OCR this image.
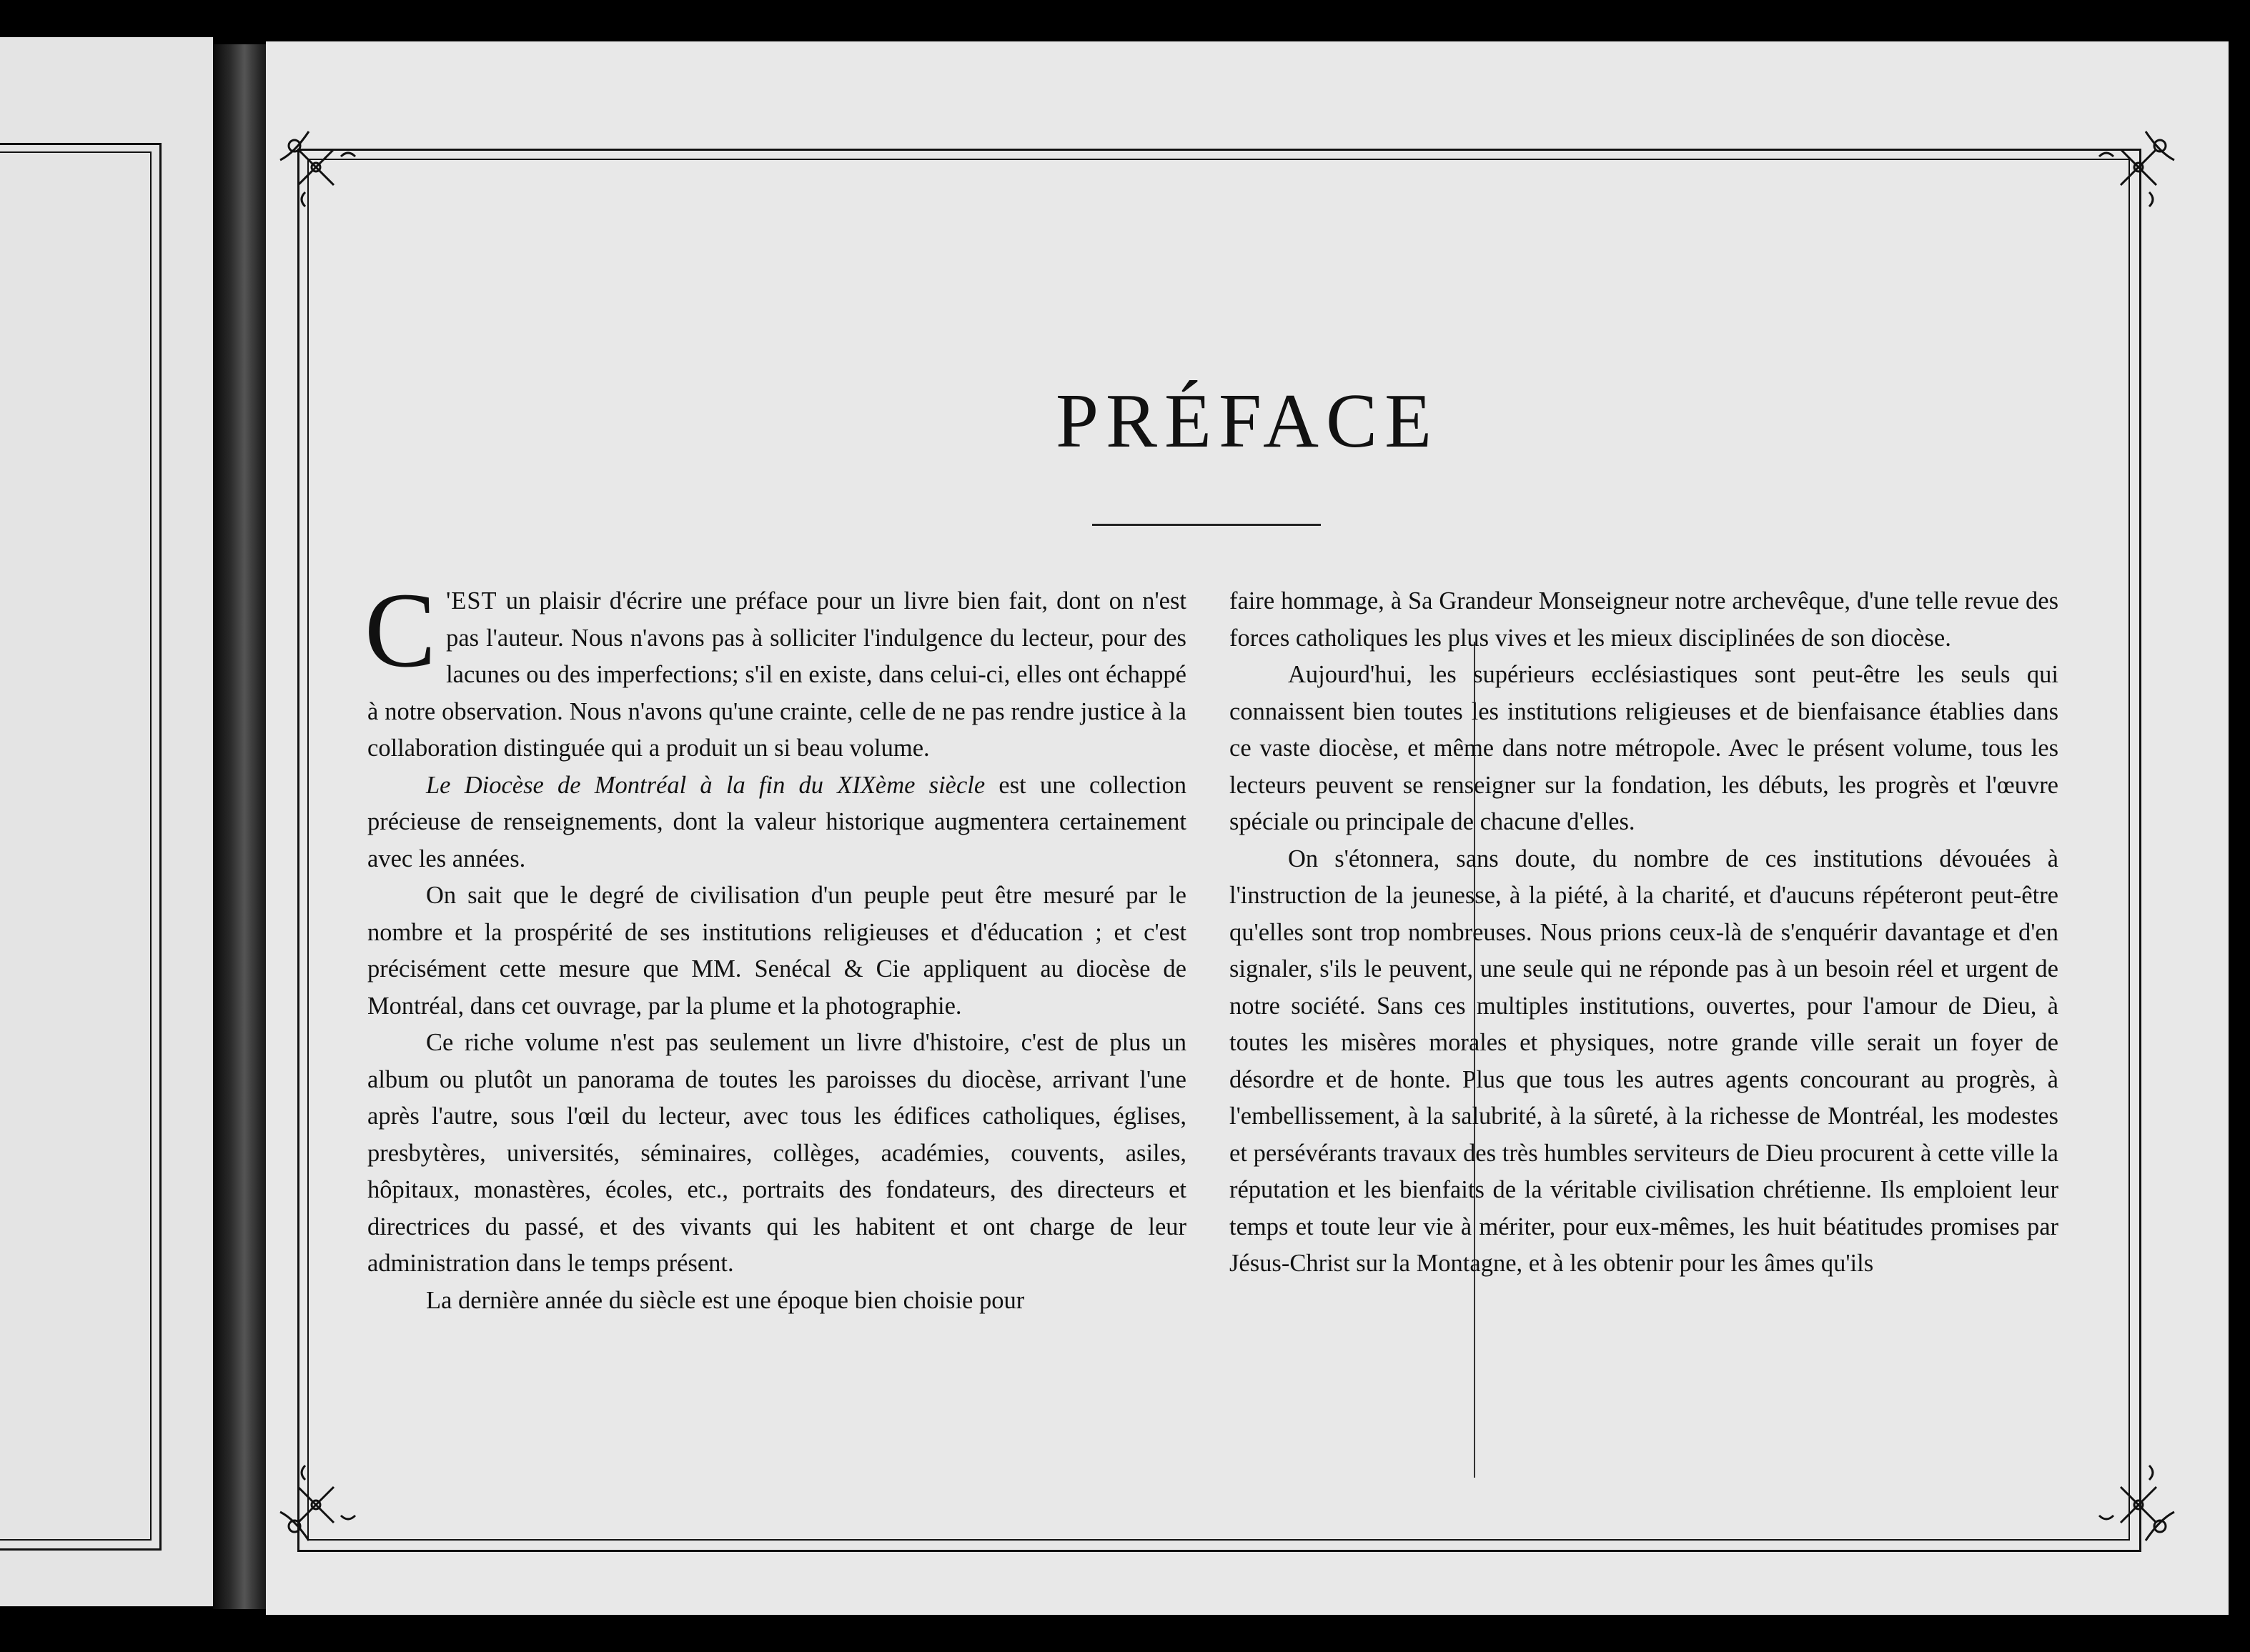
PRÉFACE

C 'EST un plaisir d'écrire une préface pour un livre bien fait, dont on n'est pas l'auteur. Nous n'avons pas à solliciter l'indulgence du lecteur, pour des lacunes ou des imperfections; s'il en existe, dans celui-ci, elles ont échappé à notre observation. Nous n'avons qu'une crainte, celle de ne pas rendre justice à la collaboration distinguée qui a produit un si beau volume.

Le Diocèse de Montréal à la fin du XIXème siècle est une collection précieuse de renseignements, dont la valeur historique augmentera certainement avec les années.

On sait que le degré de civilisation d'un peuple peut être mesuré par le nombre et la prospérité de ses institutions religieuses et d'éducation ; et c'est précisément cette mesure que MM. Senécal & Cie appliquent au diocèse de Montréal, dans cet ouvrage, par la plume et la photographie.

Ce riche volume n'est pas seulement un livre d'histoire, c'est de plus un album ou plutôt un panorama de toutes les paroisses du diocèse, arrivant l'une après l'autre, sous l'œil du lecteur, avec tous les édifices catholiques, églises, presbytères, universités, séminaires, collèges, académies, couvents, asiles, hôpitaux, monastères, écoles, etc., portraits des fondateurs, des directeurs et directrices du passé, et des vivants qui les habitent et ont charge de leur administration dans le temps présent.

La dernière année du siècle est une époque bien choisie pour

faire hommage, à Sa Grandeur Monseigneur notre archevêque, d'une telle revue des forces catholiques les plus vives et les mieux disciplinées de son diocèse.

Aujourd'hui, les supérieurs ecclésiastiques sont peut-être les seuls qui connaissent bien toutes les institutions religieuses et de bienfaisance établies dans ce vaste diocèse, et même dans notre métropole. Avec le présent volume, tous les lecteurs peuvent se renseigner sur la fondation, les débuts, les progrès et l'œuvre spéciale ou principale de chacune d'elles.

On s'étonnera, sans doute, du nombre de ces institutions dévouées à l'instruction de la jeunesse, à la piété, à la charité, et d'aucuns répéteront peut-être qu'elles sont trop nombreuses. Nous prions ceux-là de s'enquérir davantage et d'en signaler, s'ils le peuvent, une seule qui ne réponde pas à un besoin réel et urgent de notre société. Sans ces multiples institutions, ouvertes, pour l'amour de Dieu, à toutes les misères morales et physiques, notre grande ville serait un foyer de désordre et de honte. Plus que tous les autres agents concourant au progrès, à l'embellissement, à la salubrité, à la sûreté, à la richesse de Montréal, les modestes et persévérants travaux des très humbles serviteurs de Dieu procurent à cette ville la réputation et les bienfaits de la véritable civilisation chrétienne. Ils emploient leur temps et toute leur vie à mériter, pour eux-mêmes, les huit béatitudes promises par Jésus-Christ sur la Montagne, et à les obtenir pour les âmes qu'ils
